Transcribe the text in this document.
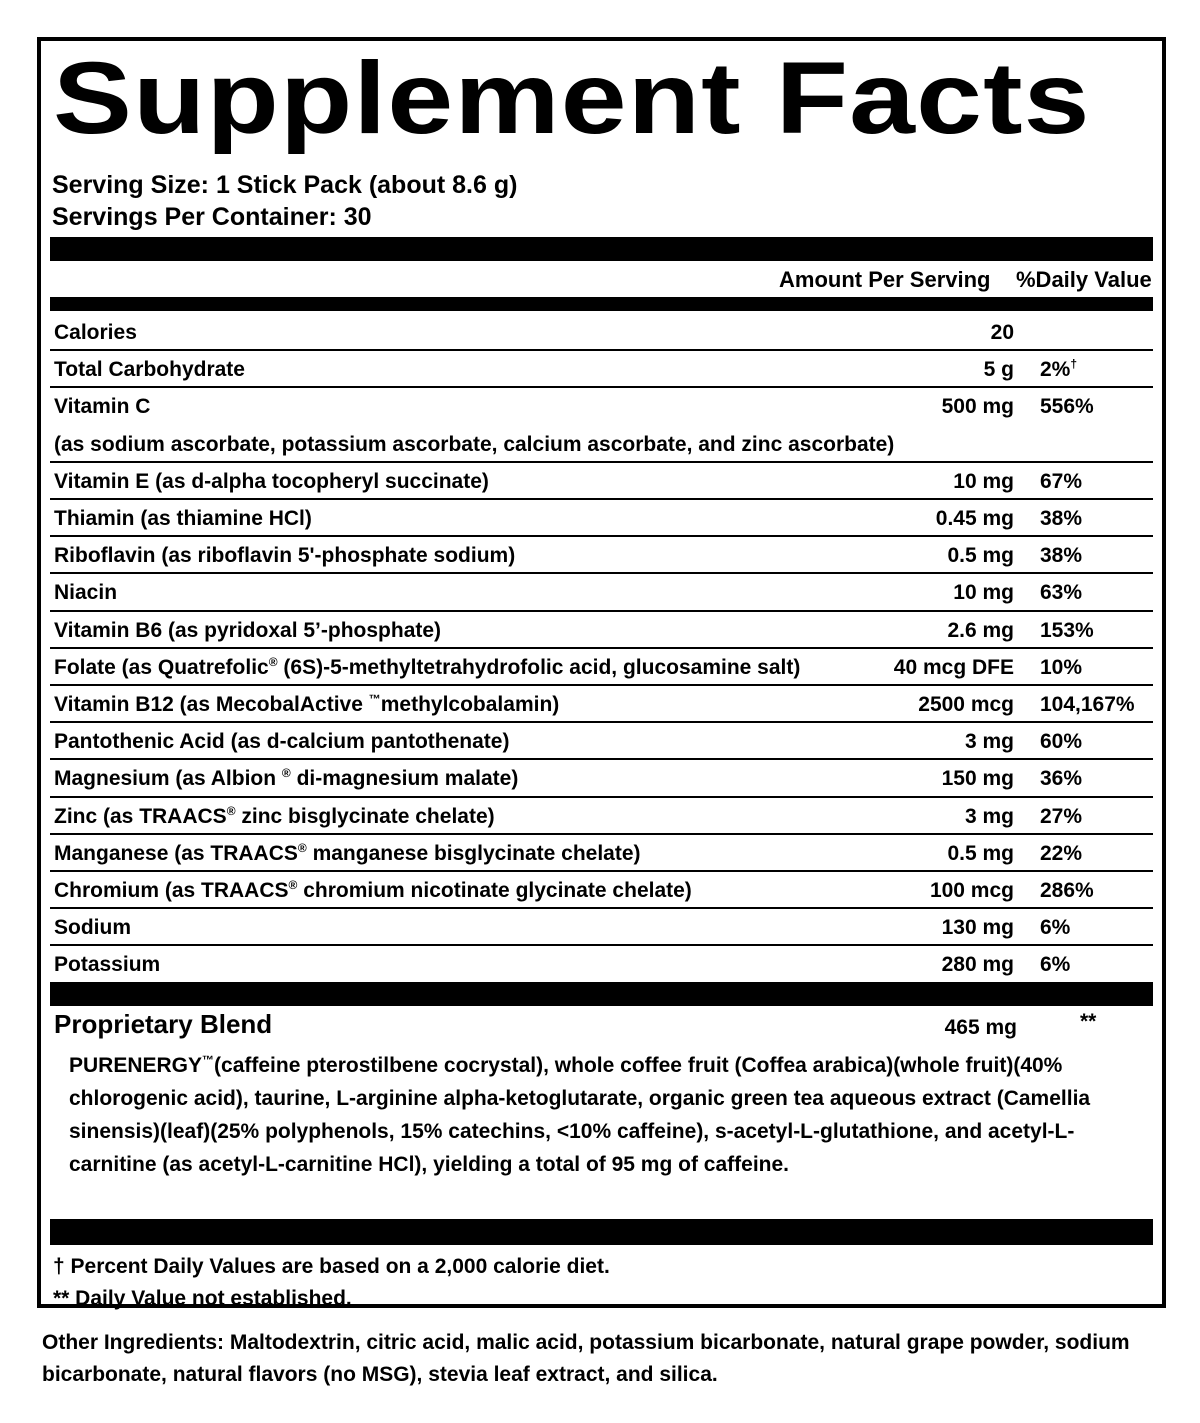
Supplement Facts
Serving Size: 1 Stick Pack (about 8.6 g)
Servings Per Container: 30
Amount Per Serving %Daily Value
Calories	20
Total Carbohydrate	5 g 2%†
Vitamin C	500 mg 556%
(as sodium ascorbate, potassium ascorbate, calcium ascorbate, and zinc ascorbate)
Vitamin E (as d-alpha tocopheryl succinate)	10 mg 67%
Thiamin (as thiamine HCl)	0.45 mg 38%
Riboflavin (as riboflavin 5'-phosphate sodium)	0.5 mg 38%
Niacin	10 mg 63%
Vitamin B6 (as pyridoxal 5’-phosphate)	2.6 mg 153%
Folate (as Quatrefolic® (6S)-5-methyltetrahydrofolic acid, glucosamine salt)	40 mcg DFE 10%
Vitamin B12 (as MecobalActive ™methylcobalamin)	2500 mcg 104,167%
Pantothenic Acid (as d-calcium pantothenate)	3 mg 60%
Magnesium (as Albion ® di-magnesium malate)	150 mg 36%
Zinc (as TRAACS® zinc bisglycinate chelate)	3 mg 27%
Manganese (as TRAACS® manganese bisglycinate chelate)	0.5 mg 22%
Chromium (as TRAACS® chromium nicotinate glycinate chelate)	100 mcg 286%
Sodium	130 mg 6%
Potassium	280 mg 6%
Proprietary Blend	465 mg	**
PURENERGY™(caffeine pterostilbene cocrystal), whole coffee fruit (Coffea arabica)(whole fruit)(40% chlorogenic acid), taurine, L-arginine alpha-ketoglutarate, organic green tea aqueous extract (Camellia sinensis)(leaf)(25% polyphenols, 15% catechins, <10% caffeine), s-acetyl-L-glutathione, and acetyl-L-carnitine (as acetyl-L-carnitine HCl), yielding a total of 95 mg of caffeine.
† Percent Daily Values are based on a 2,000 calorie diet.
** Daily Value not established.
Other Ingredients: Maltodextrin, citric acid, malic acid, potassium bicarbonate, natural grape powder, sodium bicarbonate, natural flavors (no MSG), stevia leaf extract, and silica.
